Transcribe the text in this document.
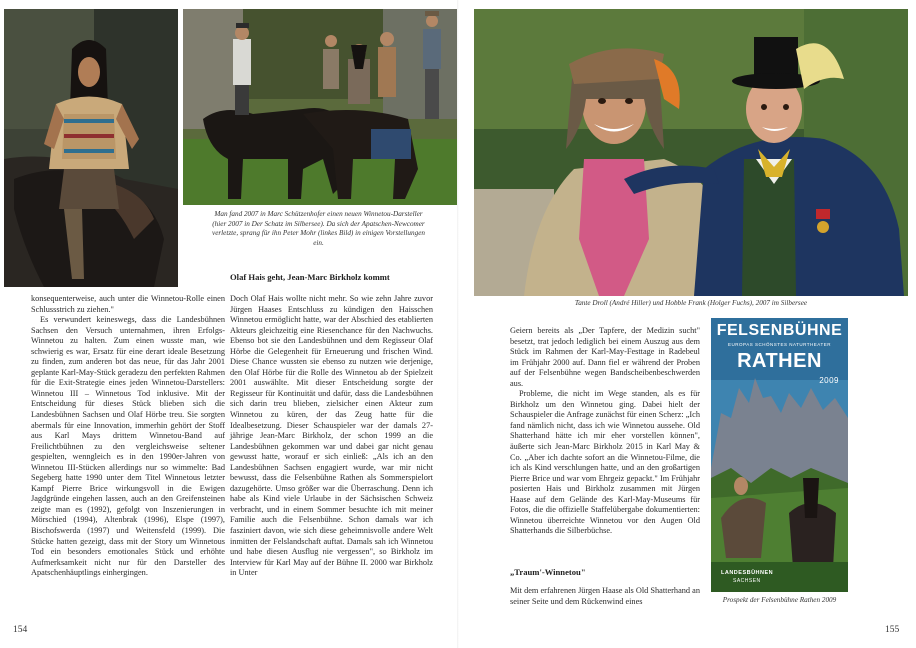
Man fand 2007 in Marc Schützenhofer einen neuen Winnetou-Darsteller (hier 2007 in Der Schatz im Silbersee). Da sich der Apatschen-Newcomer verletzte, sprang für ihn Peter Mohr (linkes Bild) in einigen Vorstellungen ein.
Olaf Hais geht, Jean-Marc Birkholz kommt

konsequenterweise, auch unter die Winnetou-Rolle einen Schlussstrich zu ziehen."

Es verwundert keineswegs, dass die Landesbühnen Sachsen den Versuch unternahmen, ihren Erfolgs-Winnetou zu halten. Zum einen wusste man, wie schwierig es war, Ersatz für eine derart ideale Besetzung zu finden, zum anderen bot das neue, für das Jahr 2001 geplante Karl-May-Stück geradezu den perfekten Rahmen für die Exit-Strategie eines jeden Winnetou-Darstellers: Winnetou III – Winnetous Tod inklusive. Mit der Entscheidung für dieses Stück blieben sich die Landesbühnen Sachsen und Olaf Hörbe treu. Sie sorgten abermals für eine Innovation, immerhin gehört der Stoff aus Karl Mays drittem Winnetou-Band auf Freilichtbühnen zu den vergleichsweise seltener gespielten, wenngleich es in den 1990er-Jahren von Winnetou III-Stücken allerdings nur so wimmelte: Bad Segeberg hatte 1990 unter dem Titel Winnetous letzter Kampf Pierre Brice wirkungsvoll in die Ewigen Jagdgründe eingehen lassen, auch an den Greifensteinen zeigte man es (1992), gefolgt von Inszenierungen in Mörschied (1994), Altenbrak (1996), Elspe (1997), Bischofswerda (1997) und Weitensfeld (1999). Die Stücke hatten gezeigt, dass mit der Story um Winnetous Tod ein besonders emotionales Stück und erhöhte Aufmerksamkeit nicht nur für den Darsteller des Apatschenhäuptlings einhergingen.

Doch Olaf Hais wollte nicht mehr. So wie zehn Jahre zuvor Jürgen Haases Entschluss zu kündigen den Haisschen Winnetou ermöglicht hatte, war der Abschied des etablierten Akteurs gleichzeitig eine Riesenchance für den Nachwuchs. Ebenso bot sie den Landesbühnen und dem Regisseur Olaf Hörbe die Gelegenheit für Erneuerung und frischen Wind. Diese Chance wussten sie ebenso zu nutzen wie derjenige, den Olaf Hörbe für die Rolle des Winnetou ab der Spielzeit 2001 auswählte. Mit dieser Entscheidung sorgte der Regisseur für Kontinuität und dafür, dass die Landesbühnen sich darin treu blieben, zielsicher einen Akteur zum Winnetou zu küren, der das Zeug hatte für die Idealbesetzung. Dieser Schauspieler war der damals 27-jährige Jean-Marc Birkholz, der schon 1999 an die Landesbühnen gekommen war und dabei gar nicht genau gewusst hatte, worauf er sich einließ: „Als ich an den Landesbühnen Sachsen engagiert wurde, war mir nicht bewusst, dass die Felsenbühne Rathen als Sommerspielort dazugehörte. Umso größer war die Überraschung. Denn ich habe als Kind viele Urlaube in der Sächsischen Schweiz verbracht, und in einem Sommer besuchte ich mit meiner Familie auch die Felsenbühne. Schon damals war ich fasziniert davon, wie sich diese geheimnisvolle andere Welt inmitten der Felslandschaft auftat. Damals sah ich Winnetou und habe diesen Ausflug nie vergessen", so Birkholz im Interview für Karl May auf der Bühne II. 2000 war Birkholz in Unter

154
Tante Droll (André Hiller) und Hobble Frank (Holger Fuchs), 2007 im Silbersee

Geiern bereits als „Der Tapfere, der Medizin sucht" besetzt, trat jedoch lediglich bei einem Auszug aus dem Stück im Rahmen der Karl-May-Festtage in Radebeul im Frühjahr 2000 auf. Dann fiel er während der Proben auf der Felsenbühne wegen Bandscheibenbeschwerden aus.

Probleme, die nicht im Wege standen, als es für Birkholz um den Winnetou ging. Dabei hielt der Schauspieler die Anfrage zunächst für einen Scherz: „Ich fand nämlich nicht, dass ich wie Winnetou aussehe. Old Shatterhand hätte ich mir eher vorstellen können", äußerte sich Jean-Marc Birkholz 2015 in Karl May & Co. „Aber ich dachte sofort an die Winnetou-Filme, die ich als Kind verschlungen hatte, und an den großartigen Pierre Brice und war vom Ehrgeiz gepackt." Im Frühjahr posierten Hais und Birkholz zusammen mit Jürgen Haase auf dem Gelände des Karl-May-Museums für Fotos, die die offizielle Staffelübergabe dokumentierten: Winnetou überreichte Winnetou vor den Augen Old Shatterhands die Silberbüchse.

„Traum'-Winnetou"

Mit dem erfahrenen Jürgen Haase als Old Shatterhand an seiner Seite und dem Rückenwind eines

FELSENBÜHNE
EUROPAS SCHÖNSTES NATURTHEATER
RATHEN
2009
LANDESBÜHNEN
SACHSEN
Prospekt der Felsenbühne Rathen 2009
155
